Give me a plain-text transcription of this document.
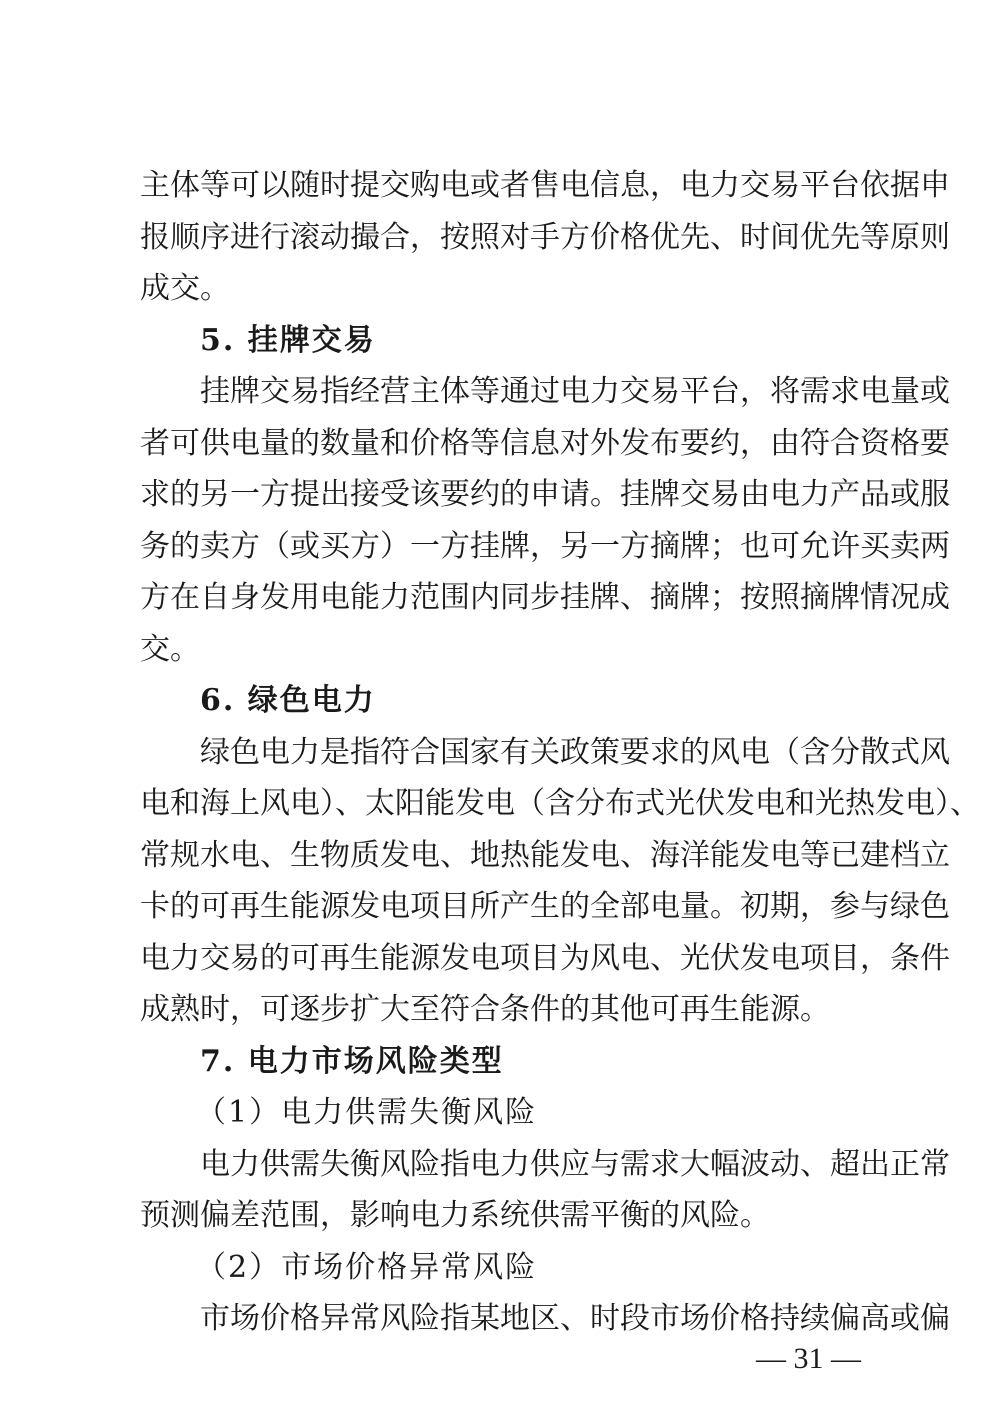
主体等可以随时提交购电或者售电信息，电力交易平台依据申
报顺序进行滚动撮合，按照对手方价格优先、时间优先等原则
成交。
5. 挂牌交易
挂牌交易指经营主体等通过电力交易平台，将需求电量或
者可供电量的数量和价格等信息对外发布要约，由符合资格要
求的另一方提出接受该要约的申请。挂牌交易由电力产品或服
务的卖方（或买方）一方挂牌，另一方摘牌；也可允许买卖两
方在自身发用电能力范围内同步挂牌、摘牌；按照摘牌情况成
交。
6. 绿色电力
绿色电力是指符合国家有关政策要求的风电（含分散式风
电和海上风电）、太阳能发电（含分布式光伏发电和光热发电）、
常规水电、生物质发电、地热能发电、海洋能发电等已建档立
卡的可再生能源发电项目所产生的全部电量。初期，参与绿色
电力交易的可再生能源发电项目为风电、光伏发电项目，条件
成熟时，可逐步扩大至符合条件的其他可再生能源。
7. 电力市场风险类型
（1）电力供需失衡风险
电力供需失衡风险指电力供应与需求大幅波动、超出正常
预测偏差范围，影响电力系统供需平衡的风险。
（2）市场价格异常风险
市场价格异常风险指某地区、时段市场价格持续偏高或偏
— 31 —
